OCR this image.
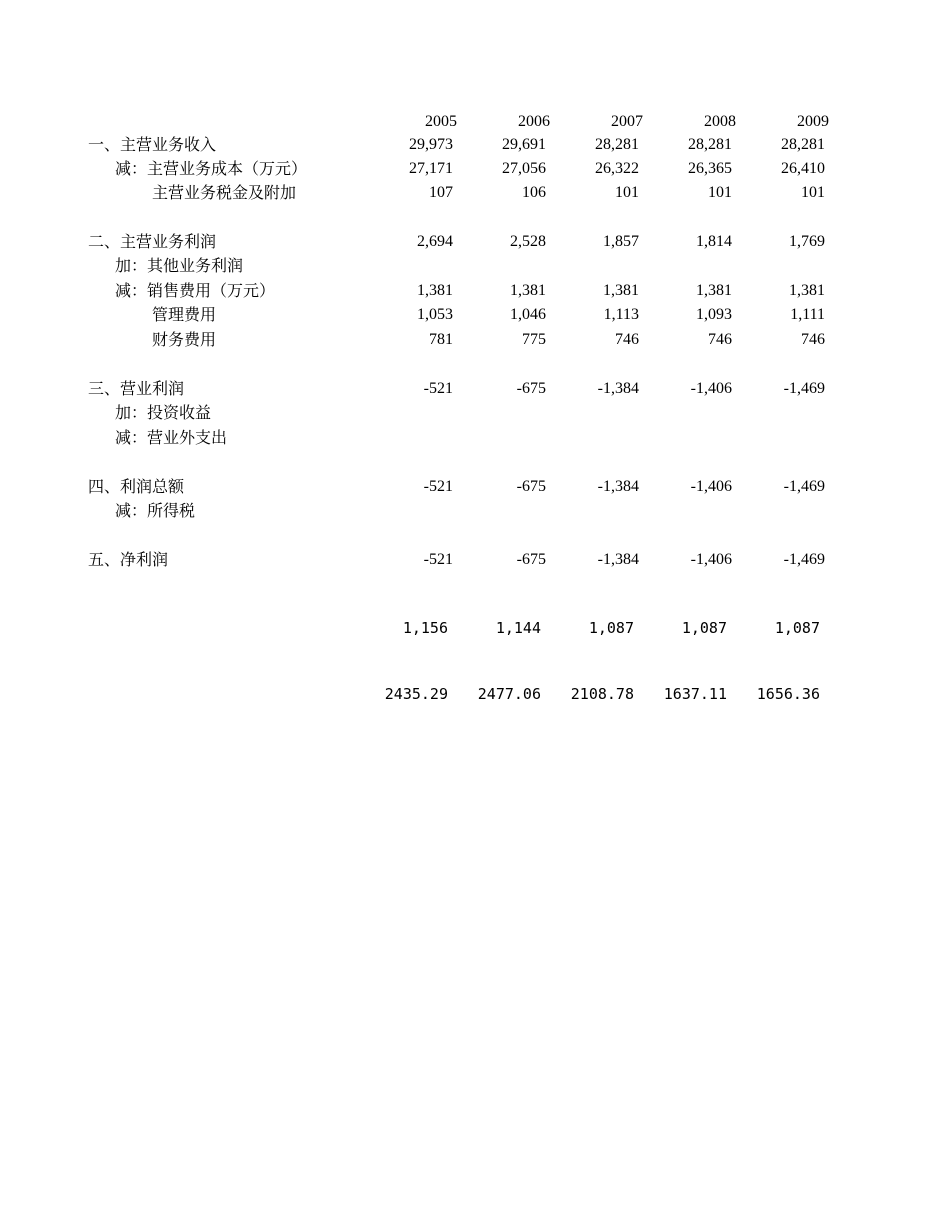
2005	2006	2007	2008	2009
一、主营业务收入	29,973	29,691	28,281	28,281	28,281
减：主营业务成本（万元）	27,171	27,056	26,322	26,365	26,410
主营业务税金及附加	107	106	101	101	101
二、主营业务利润	2,694	2,528	1,857	1,814	1,769
加：其他业务利润
减：销售费用（万元）	1,381	1,381	1,381	1,381	1,381
管理费用	1,053	1,046	1,113	1,093	1,111
财务费用	781	775	746	746	746
三、营业利润	-521	-675	-1,384	-1,406	-1,469
加：投资收益
减：营业外支出
四、利润总额	-521	-675	-1,384	-1,406	-1,469
减：所得税
五、净利润	-521	-675	-1,384	-1,406	-1,469
1,156	1,144	1,087	1,087	1,087
2435.29	2477.06	2108.78	1637.11	1656.36
